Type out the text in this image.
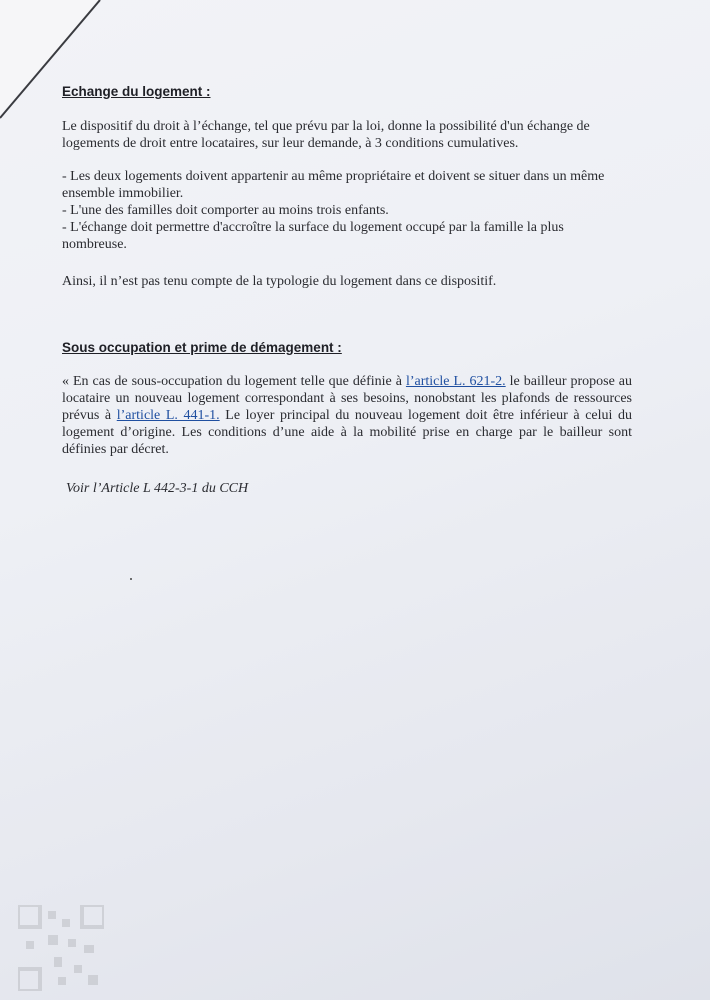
Echange du logement :

Le dispositif du droit à l’échange, tel que prévu par la loi, donne la possibilité d'un échange de logements de droit entre locataires, sur leur demande, à 3 conditions cumulatives.

- Les deux logements doivent appartenir au même propriétaire et doivent se situer dans un même ensemble immobilier.

- L'une des familles doit comporter au moins trois enfants.

- L'échange doit permettre d'accroître la surface du logement occupé par la famille la plus nombreuse.

Ainsi, il n’est pas tenu compte de la typologie du logement dans ce dispositif.

Sous occupation et prime de démagement :

« En cas de sous-occupation du logement telle que définie à l’article L. 621-2. le bailleur propose au locataire un nouveau logement correspondant à ses besoins, nonobstant les plafonds de ressources prévus à l’article L. 441-1. Le loyer principal du nouveau logement doit être inférieur à celui du logement d’origine. Les conditions d’une aide à la mobilité prise en charge par le bailleur sont définies par décret.

Voir l’Article L 442-3-1 du CCH
